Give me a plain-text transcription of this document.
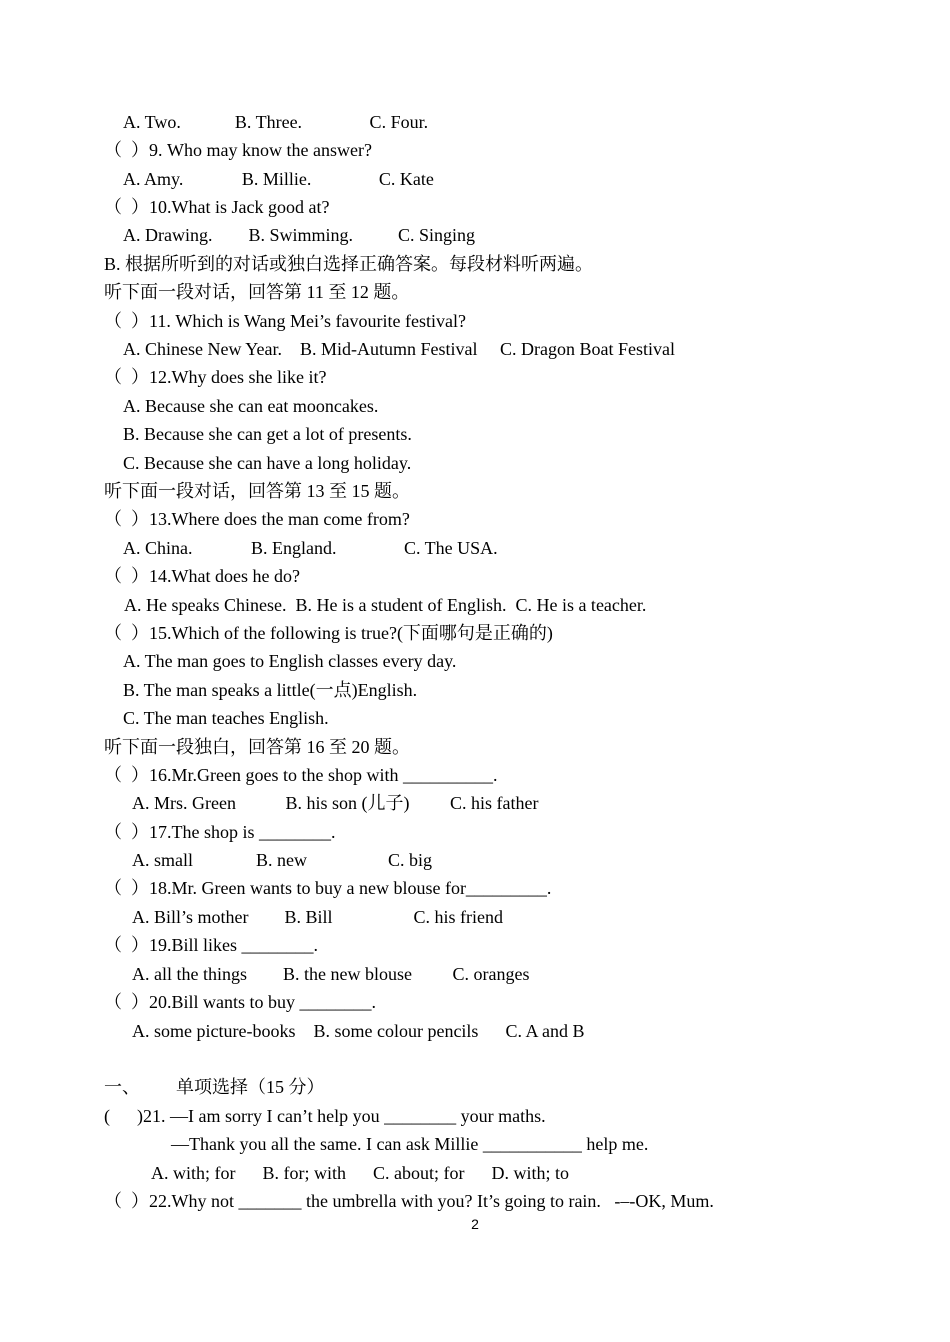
A. Two.            B. Three.               C. Four.
（  ）9. Who may know the answer?
A. Amy.             B. Millie.               C. Kate
（  ）10.What is Jack good at?
A. Drawing.        B. Swimming.          C. Singing
B. 根据所听到的对话或独白选择正确答案。每段材料听两遍。
听下面一段对话，回答第 11 至 12 题。
（  ）11. Which is Wang Mei’s favourite festival?
A. Chinese New Year.    B. Mid-Autumn Festival     C. Dragon Boat Festival
（  ）12.Why does she like it?
A. Because she can eat mooncakes.
B. Because she can get a lot of presents.
C. Because she can have a long holiday.
听下面一段对话，回答第 13 至 15 题。
（  ）13.Where does the man come from?
A. China.             B. England.               C. The USA.
（  ）14.What does he do?
A. He speaks Chinese.  B. He is a student of English.  C. He is a teacher.
（  ）15.Which of the following is true?(下面哪句是正确的)
A. The man goes to English classes every day.
B. The man speaks a little(一点)English.
C. The man teaches English.
听下面一段独白，回答第 16 至 20 题。
（  ）16.Mr.Green goes to the shop with __________.
A. Mrs. Green           B. his son (儿子)         C. his father
（  ）17.The shop is ________.
A. small              B. new                  C. big
（  ）18.Mr. Green wants to buy a new blouse for_________.
A. Bill’s mother        B. Bill                  C. his friend
（  ）19.Bill likes ________.
A. all the things        B. the new blouse         C. oranges
（  ）20.Bill wants to buy ________.
A. some picture-books    B. some colour pencils      C. A and B
一、        单项选择（15 分）
(      )21. —I am sorry I can’t help you ________ your maths.
—Thank you all the same. I can ask Millie ___________ help me.
A. with; for      B. for; with      C. about; for      D. with; to
（  ）22.Why not _______ the umbrella with you? It’s going to rain.   -–-OK, Mum.
2
